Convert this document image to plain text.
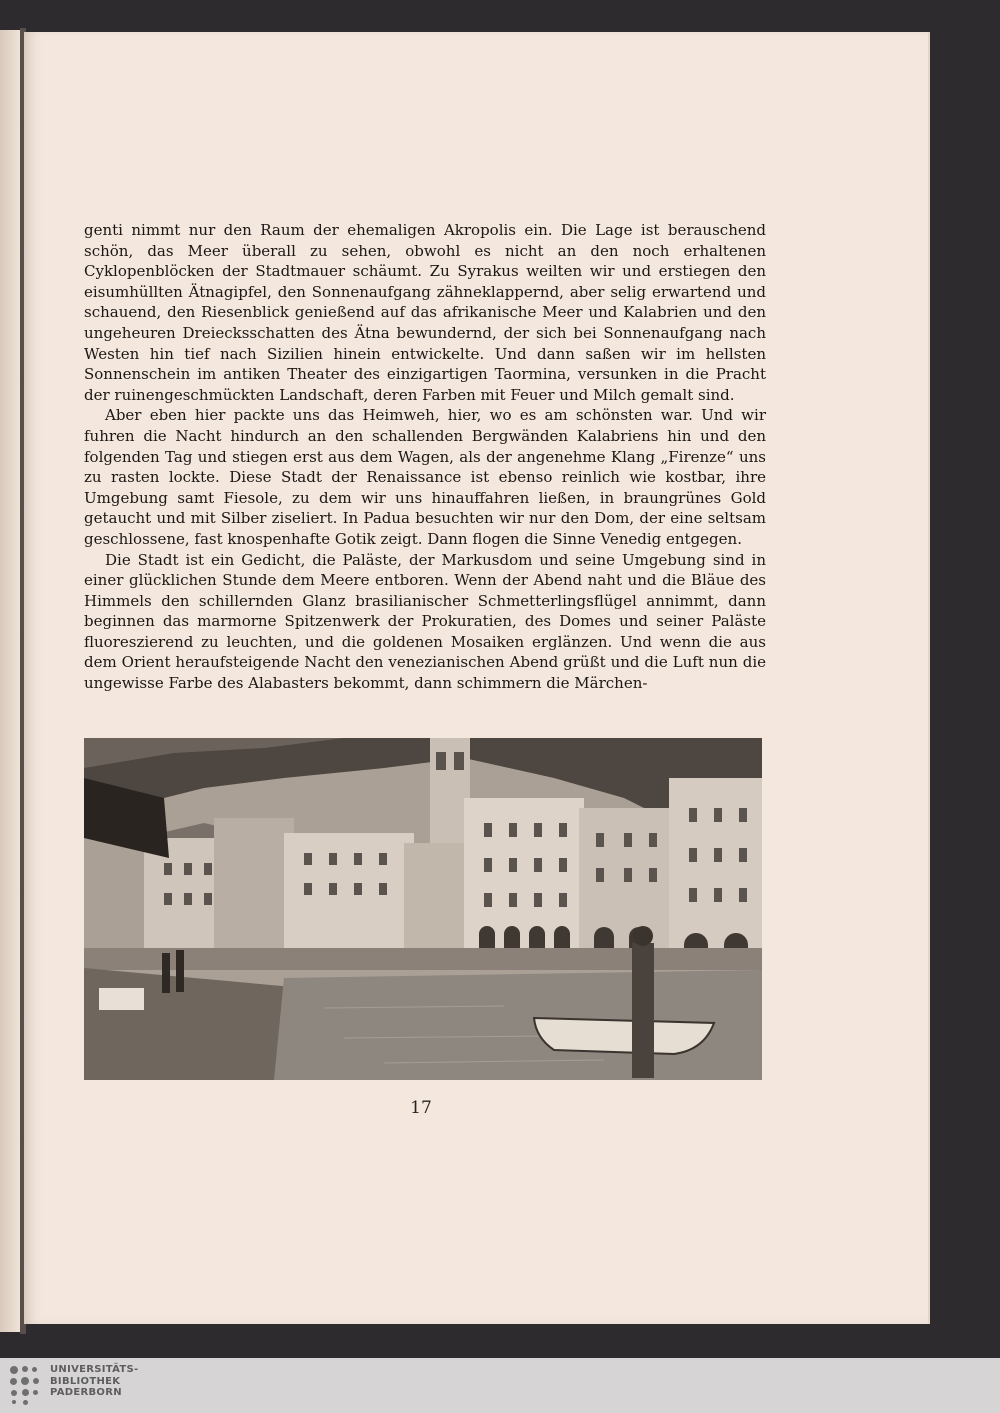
genti nimmt nur den Raum der ehemaligen Akropolis ein. Die Lage ist berauschend schön, das Meer überall zu sehen, obwohl es nicht an den noch erhaltenen Cyklopenblöcken der Stadtmauer schäumt. Zu Syrakus weilten wir und erstiegen den eisumhüllten Ätnagipfel, den Sonnenaufgang zähneklappernd, aber selig erwartend und schauend, den Riesenblick genießend auf das afrikanische Meer und Kalabrien und den ungeheuren Dreiecksschatten des Ätna bewundernd, der sich bei Sonnenaufgang nach Westen hin tief nach Sizilien hinein entwickelte. Und dann saßen wir im hellsten Sonnenschein im antiken Theater des einzigartigen Taormina, versunken in die Pracht der ruinengeschmückten Landschaft, deren Farben mit Feuer und Milch gemalt sind.

Aber eben hier packte uns das Heimweh, hier, wo es am schönsten war. Und wir fuhren die Nacht hindurch an den schallenden Bergwänden Kalabriens hin und den folgenden Tag und stiegen erst aus dem Wagen, als der angenehme Klang „Firenze“ uns zu rasten lockte. Diese Stadt der Renaissance ist ebenso reinlich wie kostbar, ihre Umgebung samt Fiesole, zu dem wir uns hinauffahren ließen, in braungrünes Gold getaucht und mit Silber ziseliert. In Padua besuchten wir nur den Dom, der eine seltsam geschlossene, fast knospenhafte Gotik zeigt. Dann flogen die Sinne Venedig entgegen.

Die Stadt ist ein Gedicht, die Paläste, der Markusdom und seine Umgebung sind in einer glücklichen Stunde dem Meere entboren. Wenn der Abend naht und die Bläue des Himmels den schillernden Glanz brasilianischer Schmetterlingsflügel annimmt, dann beginnen das marmorne Spitzenwerk der Prokuratien, des Domes und seiner Paläste fluoreszierend zu leuchten, und die goldenen Mosaiken erglänzen. Und wenn die aus dem Orient heraufsteigende Nacht den venezianischen Abend grüßt und die Luft nun die ungewisse Farbe des Alabasters bekommt, dann schimmern die Märchen-

17
UNIVERSITÄTS-
BIBLIOTHEK
PADERBORN
